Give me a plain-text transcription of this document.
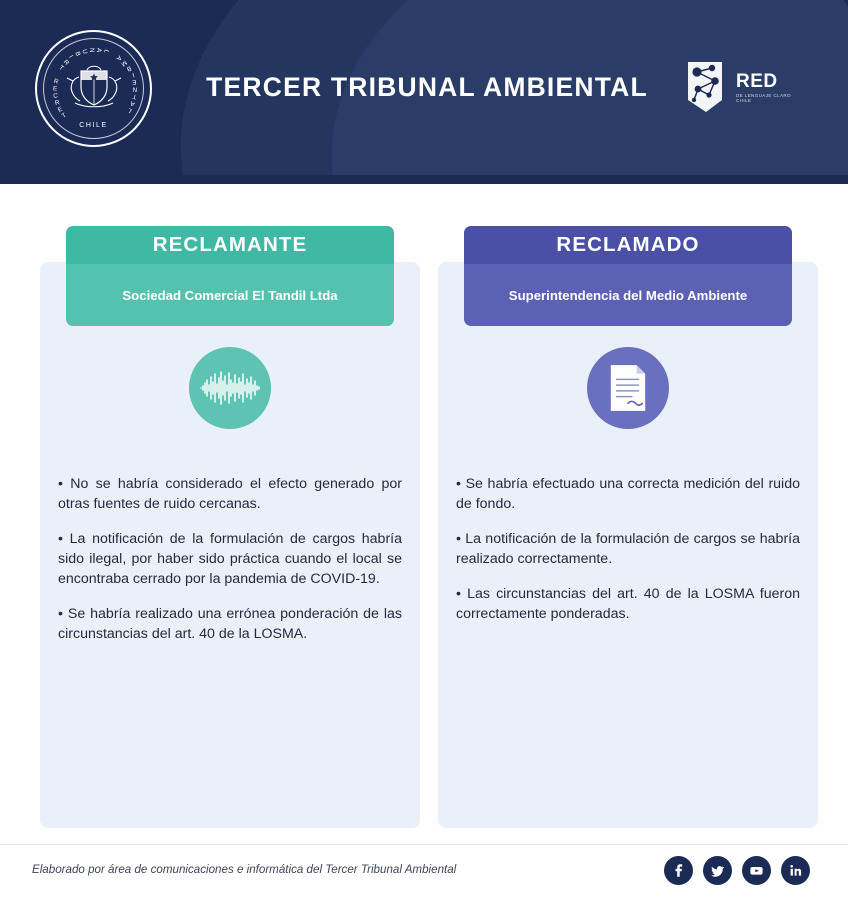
T
E
R
C
E
R
T
R
I B
U N A L
A
M
B
I
E
N
T
A
L
CHILE
TERCER TRIBUNAL AMBIENTAL	RED
DE LENGUAJE CLARO CHILE
RECLAMANTE
Sociedad Comercial El Tandil Ltda

• No se habría considerado el efecto generado por otras fuentes de ruido cercanas.

• La notificación de la formulación de cargos habría sido ilegal, por haber sido práctica cuando el local se encontraba cerrado por la pandemia de COVID-19.

• Se habría realizado una errónea ponderación de las circunstancias del art. 40 de la LOSMA.

RECLAMADO
Superintendencia del Medio Ambiente

• Se habría efectuado una correcta medición del ruido de fondo.

• La notificación de la formulación de cargos se habría realizado correctamente.

• Las circunstancias del art. 40 de la LOSMA fueron correctamente ponderadas.

Elaborado por área de comunicaciones e informática del Tercer Tribunal Ambiental
